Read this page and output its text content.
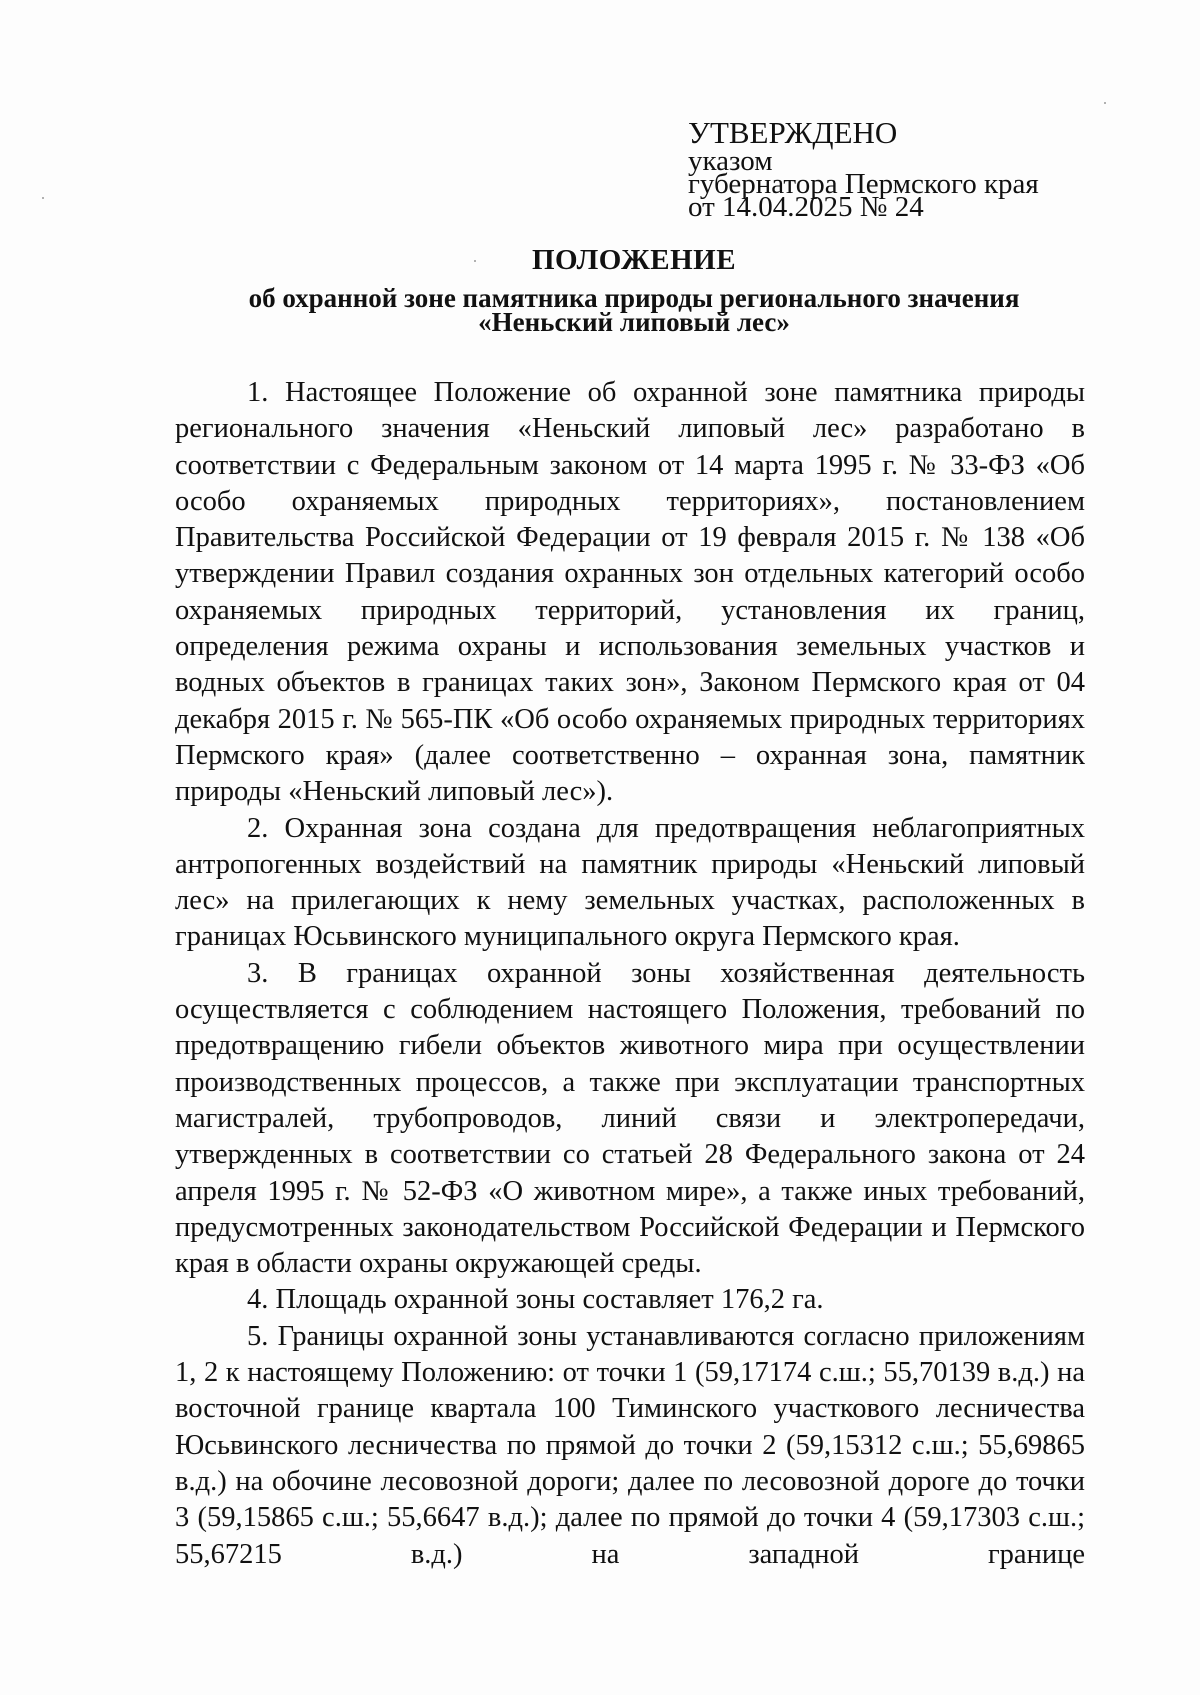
УТВЕРЖДЕНО
указом
губернатора Пермского края
от 14.04.2025 № 24
ПОЛОЖЕНИЕ
об охранной зоне памятника природы регионального значения
«Неньский липовый лес»

1. Настоящее Положение об охранной зоне памятника природы регионального значения «Неньский липовый лес» разработано в соответствии с Федеральным законом от 14 марта 1995 г. № 33-ФЗ «Об особо охраняемых природных территориях», постановлением Правительства Российской Федерации от 19 февраля 2015 г. № 138 «Об утверждении Правил создания охранных зон отдельных категорий особо охраняемых природных территорий, установления их границ, определения режима охраны и использования земельных участков и водных объектов в границах таких зон», Законом Пермского края от 04 декабря 2015 г. № 565-ПК «Об особо охраняемых природных территориях Пермского края» (далее соответственно – охранная зона, памятник природы «Неньский липовый лес»).

2. Охранная зона создана для предотвращения неблагоприятных антропогенных воздействий на памятник природы «Неньский липовый лес» на прилегающих к нему земельных участках, расположенных в границах Юсьвинского муниципального округа Пермского края.

3. В границах охранной зоны хозяйственная деятельность осуществляется с соблюдением настоящего Положения, требований по предотвращению гибели объектов животного мира при осуществлении производственных процессов, а также при эксплуатации транспортных магистралей, трубопроводов, линий связи и электропередачи, утвержденных в соответствии со статьей 28 Федерального закона от 24 апреля 1995 г. № 52-ФЗ «О животном мире», а также иных требований, предусмотренных законодательством Российской Федерации и Пермского края в области охраны окружающей среды.

4. Площадь охранной зоны составляет 176,2 га.

5. Границы охранной зоны устанавливаются согласно приложениям 1, 2 к настоящему Положению: от точки 1 (59,17174 с.ш.; 55,70139 в.д.) на восточной границе квартала 100 Тиминского участкового лесничества Юсьвинского лесничества по прямой до точки 2 (59,15312 с.ш.; 55,69865 в.д.) на обочине лесовозной дороги; далее по лесовозной дороге до точки 3 (59,15865 с.ш.; 55,6647 в.д.); далее по прямой до точки 4 (59,17303 с.ш.; 55,67215 в.д.) на западной границе
